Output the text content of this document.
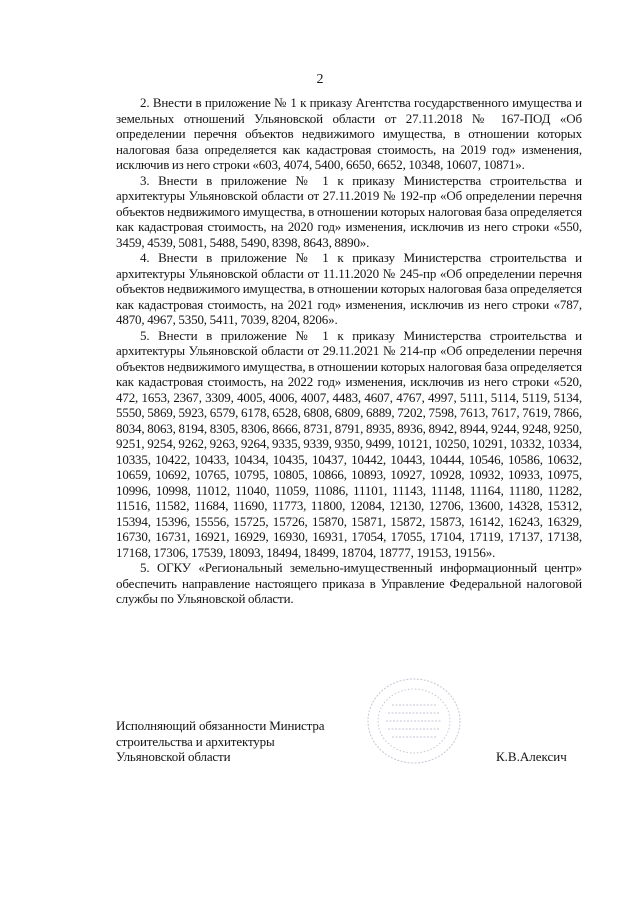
2

2. Внести в приложение № 1 к приказу Агентства государственного имущества и земельных отношений Ульяновской области от 27.11.2018 № 167-ПОД «Об определении перечня объектов недвижимого имущества, в отношении которых налоговая база определяется как кадастровая стоимость, на 2019 год» изменения, исключив из него строки «603, 4074, 5400, 6650, 6652, 10348, 10607, 10871».

3. Внести в приложение № 1 к приказу Министерства строительства и архитектуры Ульяновской области от 27.11.2019 № 192-пр «Об определении перечня объектов недвижимого имущества, в отношении которых налоговая база определяется как кадастровая стоимость, на 2020 год» изменения, исключив из него строки «550, 3459, 4539, 5081, 5488, 5490, 8398, 8643, 8890».

4. Внести в приложение № 1 к приказу Министерства строительства и архитектуры Ульяновской области от 11.11.2020 № 245-пр «Об определении перечня объектов недвижимого имущества, в отношении которых налоговая база определяется как кадастровая стоимость, на 2021 год» изменения, исключив из него строки «787, 4870, 4967, 5350, 5411, 7039, 8204, 8206».

5. Внести в приложение № 1 к приказу Министерства строительства и архитектуры Ульяновской области от 29.11.2021 № 214-пр «Об определении перечня объектов недвижимого имущества, в отношении которых налоговая база определяется как кадастровая стоимость, на 2022 год» изменения, исключив из него строки «520, 472, 1653, 2367, 3309, 4005, 4006, 4007, 4483, 4607, 4767, 4997, 5111, 5114, 5119, 5134, 5550, 5869, 5923, 6579, 6178, 6528, 6808, 6809, 6889, 7202, 7598, 7613, 7617, 7619, 7866, 8034, 8063, 8194, 8305, 8306, 8666, 8731, 8791, 8935, 8936, 8942, 8944, 9244, 9248, 9250, 9251, 9254, 9262, 9263, 9264, 9335, 9339, 9350, 9499, 10121, 10250, 10291, 10332, 10334, 10335, 10422, 10433, 10434, 10435, 10437, 10442, 10443, 10444, 10546, 10586, 10632, 10659, 10692, 10765, 10795, 10805, 10866, 10893, 10927, 10928, 10932, 10933, 10975, 10996, 10998, 11012, 11040, 11059, 11086, 11101, 11143, 11148, 11164, 11180, 11282, 11516, 11582, 11684, 11690, 11773, 11800, 12084, 12130, 12706, 13600, 14328, 15312, 15394, 15396, 15556, 15725, 15726, 15870, 15871, 15872, 15873, 16142, 16243, 16329, 16730, 16731, 16921, 16929, 16930, 16931, 17054, 17055, 17104, 17119, 17137, 17138, 17168, 17306, 17539, 18093, 18494, 18499, 18704, 18777, 19153, 19156».

5. ОГКУ «Региональный земельно-имущественный информационный центр» обеспечить направление настоящего приказа в Управление Федеральной налоговой службы по Ульяновской области.

Исполняющий обязанности Министра
строительства и архитектуры
Ульяновской области	К.В.Алексич
